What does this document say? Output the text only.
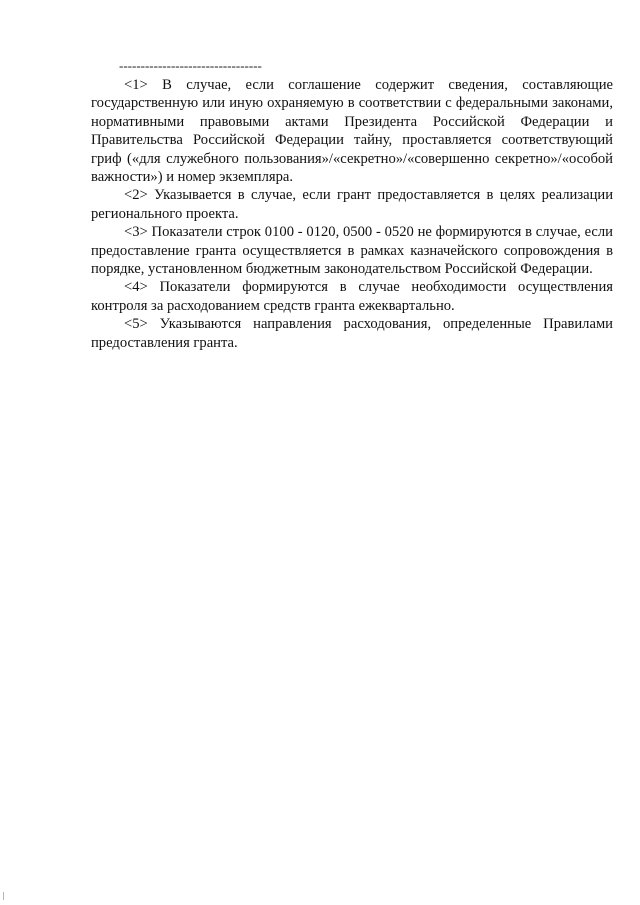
---------------------------------

<1> В случае, если соглашение содержит сведения, составляющие государственную или иную охраняемую в соответствии с федеральными законами, нормативными правовыми актами Президента Российской Федерации и Правительства Российской Федерации тайну, проставляется соответствующий гриф («для служебного пользования»/«секретно»/«совершенно секретно»/«особой важности») и номер экземпляра.

<2> Указывается в случае, если грант предоставляется в целях реализации регионального проекта.

<3> Показатели строк 0100 - 0120, 0500 - 0520 не формируются в случае, если предоставление гранта осуществляется в рамках казначейского сопровождения в порядке, установленном бюджетным законодательством Российской Федерации.

<4> Показатели формируются в случае необходимости осуществления контроля за расходованием средств гранта ежеквартально.

<5> Указываются направления расходования, определенные Правилами предоставления гранта.
